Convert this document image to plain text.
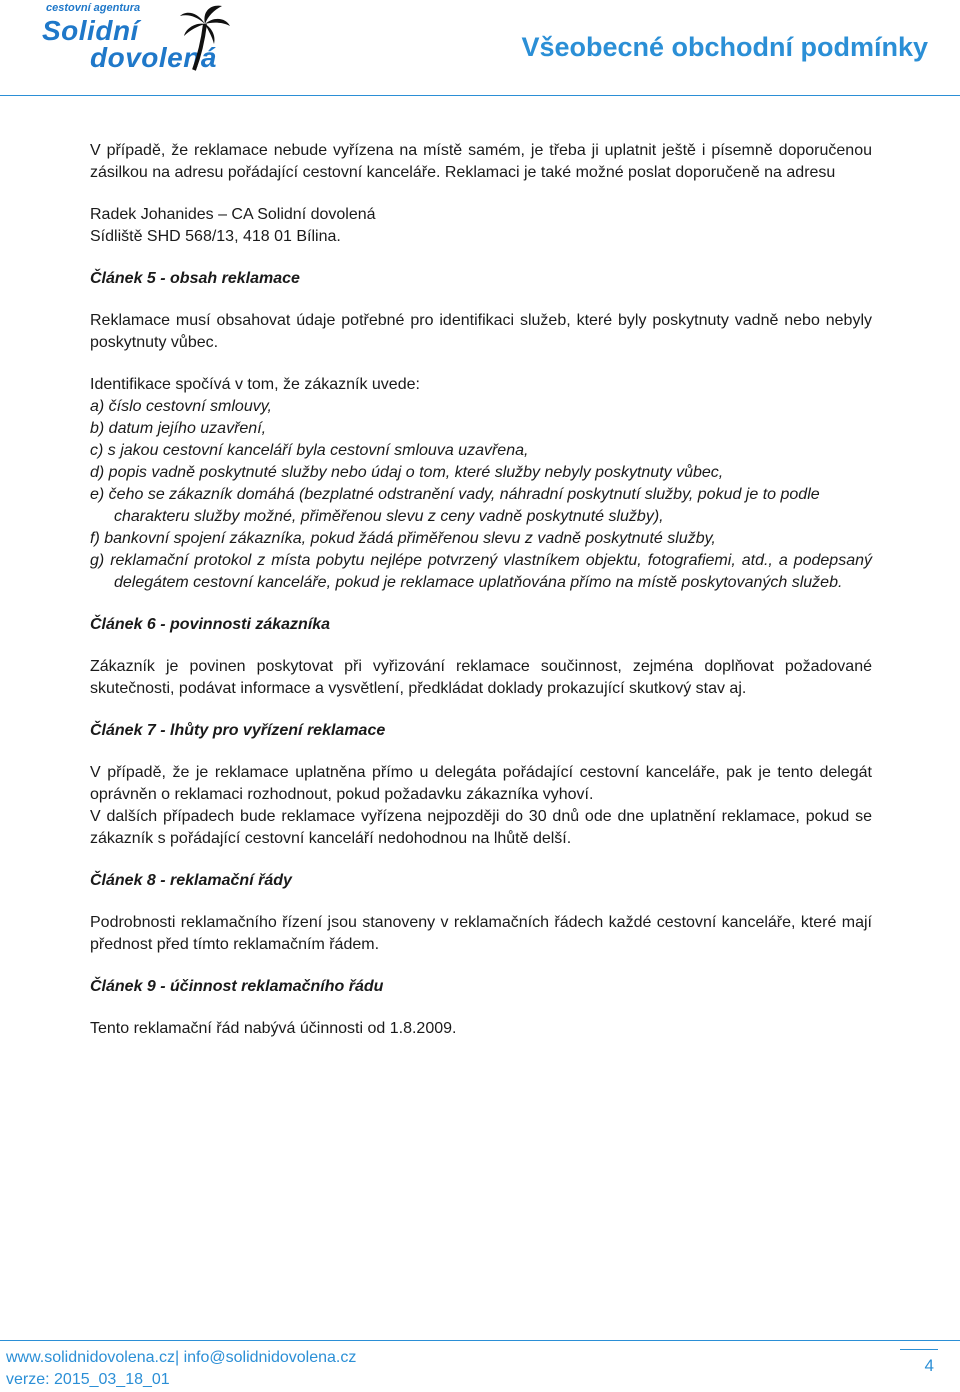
cestovní agentura
Solidní
dovolená	Všeobecné obchodní podmínky

V případě, že reklamace nebude vyřízena na místě samém, je třeba ji uplatnit ještě i písemně doporučenou zásilkou na adresu pořádající cestovní kanceláře. Reklamaci je také možné poslat doporučeně na adresu

Radek Johanides – CA Solidní dovolená

Sídliště SHD 568/13, 418 01 Bílina.

Článek 5 - obsah reklamace

Reklamace musí obsahovat údaje potřebné pro identifikaci služeb, které byly poskytnuty vadně nebo nebyly poskytnuty vůbec.

Identifikace spočívá v tom, že zákazník uvede:

a) číslo cestovní smlouvy,
b) datum jejího uzavření,
c) s jakou cestovní kanceláří byla cestovní smlouva uzavřena,
d) popis vadně poskytnuté služby nebo údaj o tom, které služby nebyly poskytnuty vůbec,
e) čeho se zákazník domáhá (bezplatné odstranění vady, náhradní poskytnutí služby, pokud je to podle charakteru služby možné, přiměřenou slevu z ceny vadně poskytnuté služby),
f) bankovní spojení zákazníka, pokud žádá přiměřenou slevu z vadně poskytnuté služby,
g) reklamační protokol z místa pobytu nejlépe potvrzený vlastníkem objektu, fotografiemi, atd., a podepsaný delegátem cestovní kanceláře, pokud je reklamace uplatňována přímo na místě poskytovaných služeb.

Článek 6 - povinnosti zákazníka

Zákazník je povinen poskytovat při vyřizování reklamace součinnost, zejména doplňovat požadované skutečnosti, podávat informace a vysvětlení, předkládat doklady prokazující skutkový stav aj.

Článek 7 - lhůty pro vyřízení reklamace

V případě, že je reklamace uplatněna přímo u delegáta pořádající cestovní kanceláře, pak je tento delegát oprávněn o reklamaci rozhodnout, pokud požadavku zákazníka vyhoví.

V dalších případech bude reklamace vyřízena nejpozději do 30 dnů ode dne uplatnění reklamace, pokud se zákazník s pořádající cestovní kanceláří nedohodnou na lhůtě delší.

Článek 8 - reklamační řády

Podrobnosti reklamačního řízení jsou stanoveny v reklamačních řádech každé cestovní kanceláře, které mají přednost před tímto reklamačním řádem.

Článek 9 - účinnost reklamačního řádu

Tento reklamační řád nabývá účinnosti od 1.8.2009.

www.solidnidovolena.cz| info@solidnidovolena.cz
verze: 2015_03_18_01
4
